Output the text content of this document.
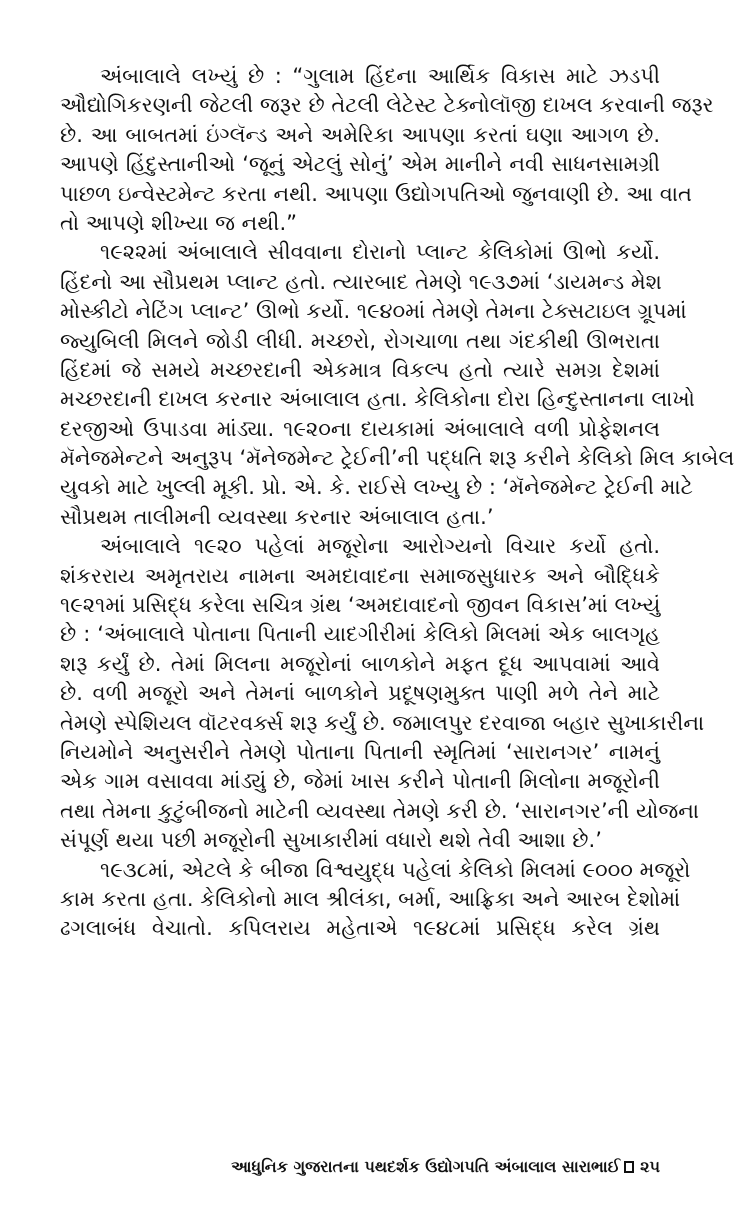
અંબાલાલે લખ્યું છે : “ગુલામ હિંદના આર્થિક વિકાસ માટે ઝડપી
ઔદ્યોગિકરણની જેટલી જરૂર છે તેટલી લેટેસ્ટ ટેક્નોલૉજી દાખલ કરવાની જરૂર
છે. આ બાબતમાં ઇંગ્લૅન્ડ અને અમેરિકા આપણા કરતાં ઘણા આગળ છે.
આપણે હિંદુસ્તાનીઓ ‘જૂનું એટલું સોનું’ એમ માનીને નવી સાધનસામગ્રી
પાછળ ઇન્વેસ્ટમેન્ટ કરતા નથી. આપણા ઉદ્યોગપતિઓ જુનવાણી છે. આ વાત
તો આપણે શીખ્યા જ નથી.”
૧૯૨૨માં અંબાલાલે સીવવાના દોરાનો પ્લાન્ટ કેલિકોમાં ઊભો કર્યો.
હિંદનો આ સૌપ્રથમ પ્લાન્ટ હતો. ત્યારબાદ તેમણે ૧૯૩૭માં ‘ડાયમન્ડ મેશ
મોસ્કીટો નેટિંગ પ્લાન્ટ’ ઊભો કર્યો. ૧૯૪૦માં તેમણે તેમના ટેક્સટાઇલ ગ્રૂપમાં
જ્યુબિલી મિલને જોડી લીધી. મચ્છરો, રોગચાળા તથા ગંદકીથી ઊભરાતા
હિંદમાં જે સમયે મચ્છરદાની એકમાત્ર વિકલ્પ હતો ત્યારે સમગ્ર દેશમાં
મચ્છરદાની દાખલ કરનાર અંબાલાલ હતા. કેલિકોના દોરા હિન્દુસ્તાનના લાખો
દરજીઓ ઉપાડવા માંડ્યા. ૧૯૨૦ના દાયકામાં અંબાલાલે વળી પ્રોફેશનલ
મૅનેજમેન્ટને અનુરૂપ ‘મૅનેજમેન્ટ ટ્રેઈની’ની પદ્ધતિ શરૂ કરીને કેલિકો મિલ કાબેલ
યુવકો માટે ખુલ્લી મૂકી. પ્રો. એ. કે. રાઈસે લખ્યુ છે : ‘મૅનેજમેન્ટ ટ્રેઈની માટે
સૌપ્રથમ તાલીમની વ્યવસ્થા કરનાર અંબાલાલ હતા.’
અંબાલાલે ૧૯૨૦ પહેલાં મજૂરોના આરોગ્યનો વિચાર કર્યો હતો.
શંકરરાય અમૃતરાય નામના અમદાવાદના સમાજસુધારક અને બૌદ્ધિકે
૧૯૨૧માં પ્રસિદ્ધ કરેલા સચિત્ર ગ્રંથ ‘અમદાવાદનો જીવન વિકાસ’માં લખ્યું
છે : ‘અંબાલાલે પોતાના પિતાની યાદગીરીમાં કેલિકો મિલમાં એક બાલગૃહ
શરૂ કર્યું છે. તેમાં મિલના મજૂરોનાં બાળકોને મફત દૂધ આપવામાં આવે
છે. વળી મજૂરો અને તેમનાં બાળકોને પ્રદૂષણમુક્ત પાણી મળે તેને માટે
તેમણે સ્પેશિયલ વૉટરવર્ક્સ શરૂ કર્યું છે. જમાલપુર દરવાજા બહાર સુખાકારીના
નિયમોને અનુસરીને તેમણે પોતાના પિતાની સ્મૃતિમાં ‘સારાનગર’ નામનું
એક ગામ વસાવવા માંડ્યું છે, જેમાં ખાસ કરીને પોતાની મિલોના મજૂરોની
તથા તેમના કુટુંબીજનો માટેની વ્યવસ્થા તેમણે કરી છે. ‘સારાનગર’ની યોજના
સંપૂર્ણ થયા પછી મજૂરોની સુખાકારીમાં વધારો થશે તેવી આશા છે.’
૧૯૩૮માં, એટલે કે બીજા વિશ્વયુદ્ધ પહેલાં કેલિકો મિલમાં ૯૦૦૦ મજૂરો
કામ કરતા હતા. કેલિકોનો માલ શ્રીલંકા, બર્મા, આફ્રિકા અને આરબ દેશોમાં
ઢગલાબંધ વેચાતો. કપિલરાય મહેતાએ ૧૯૪૮માં પ્રસિદ્ધ કરેલ ગ્રંથ
આધુનિક ગુજરાતના પથદર્શક ઉદ્યોગપતિ અંબાલાલ સારાભાઈ ૨૫
